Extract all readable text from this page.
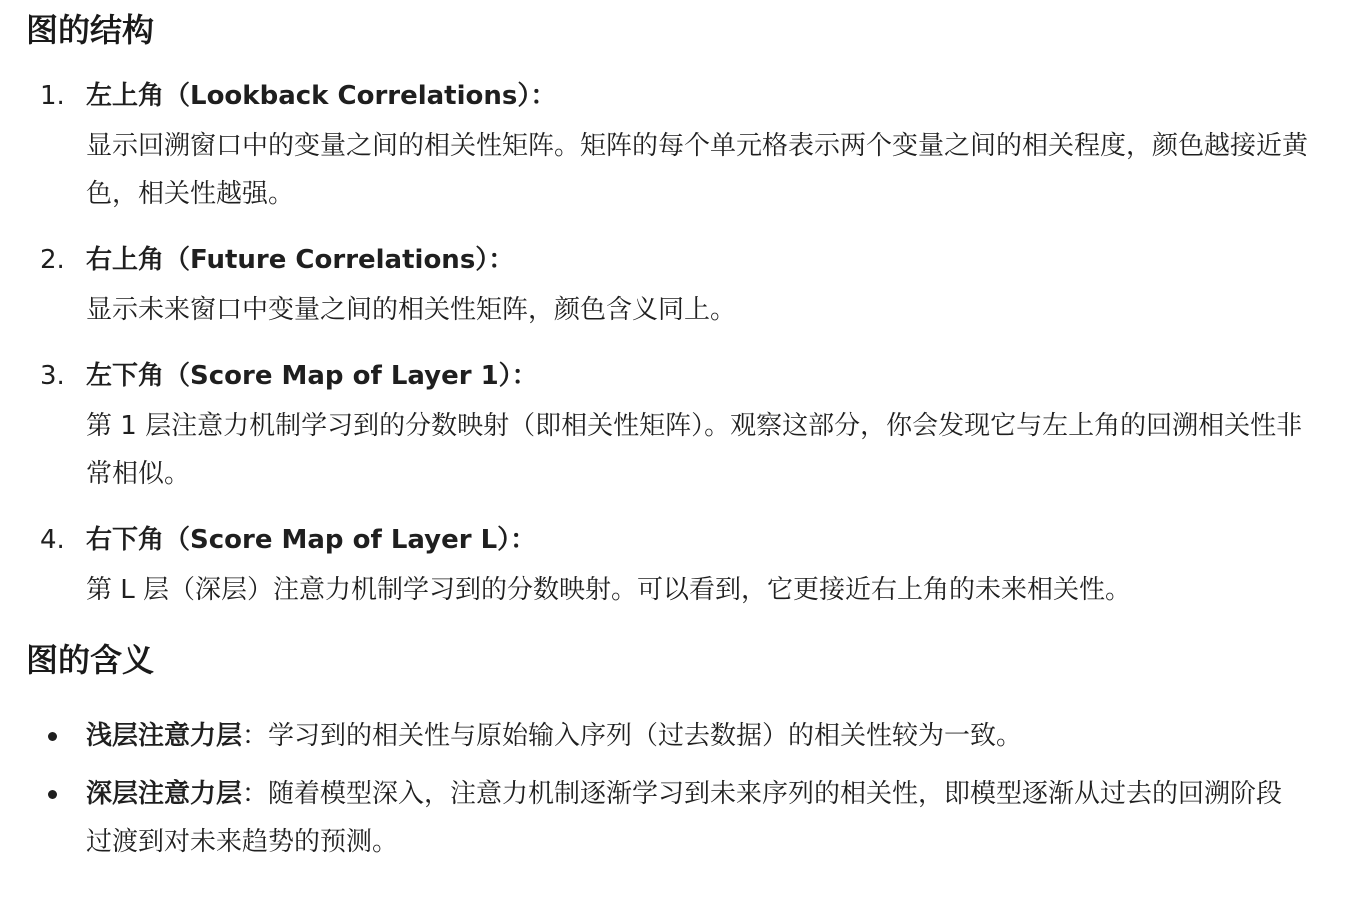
图的结构
1. 左上角（Lookback Correlations）：
显示回溯窗口中的变量之间的相关性矩阵。矩阵的每个单元格表示两个变量之间的相关程度，颜色越接近黄色，相关性越强。
2. 右上角（Future Correlations）：
显示未来窗口中变量之间的相关性矩阵，颜色含义同上。
3. 左下角（Score Map of Layer 1）：
第 1 层注意力机制学习到的分数映射（即相关性矩阵）。观察这部分，你会发现它与左上角的回溯相关性非常相似。
4. 右下角（Score Map of Layer L）：
第 L 层（深层）注意力机制学习到的分数映射。可以看到，它更接近右上角的未来相关性。
图的含义
浅层注意力层：学习到的相关性与原始输入序列（过去数据）的相关性较为一致。
深层注意力层：随着模型深入，注意力机制逐渐学习到未来序列的相关性，即模型逐渐从过去的回溯阶段过渡到对未来趋势的预测。
